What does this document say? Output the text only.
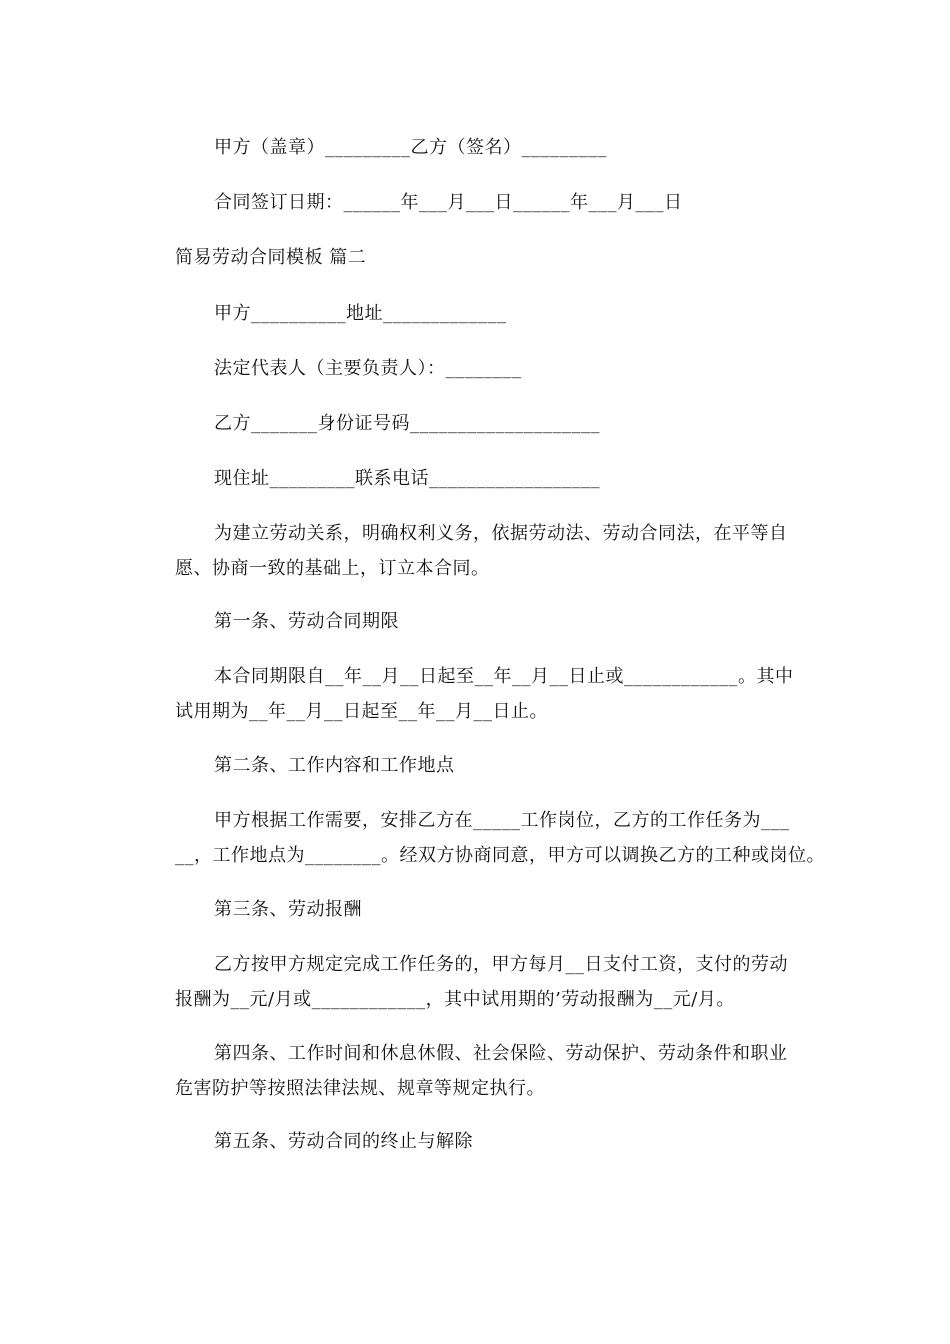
甲方（盖章）_________乙方（签名）_________
合同签订日期：______年___月___日______年___月___日
简易劳动合同模板 篇二
甲方__________地址_____________
法定代表人（主要负责人）：________
乙方_______身份证号码____________________
现住址_________联系电话__________________
为建立劳动关系，明确权利义务，依据劳动法、劳动合同法，在平等自
愿、协商一致的基础上，订立本合同。
第一条、劳动合同期限
本合同期限自__年__月__日起至__年__月__日止或____________。其中
试用期为__年__月__日起至__年__月__日止。
第二条、工作内容和工作地点
甲方根据工作需要，安排乙方在_____工作岗位，乙方的工作任务为___
__，工作地点为________。经双方协商同意，甲方可以调换乙方的工种或岗位。
第三条、劳动报酬
乙方按甲方规定完成工作任务的，甲方每月__日支付工资，支付的劳动
报酬为__元/月或____________，其中试用期的’劳动报酬为__元/月。
第四条、工作时间和休息休假、社会保险、劳动保护、劳动条件和职业
危害防护等按照法律法规、规章等规定执行。
第五条、劳动合同的终止与解除
